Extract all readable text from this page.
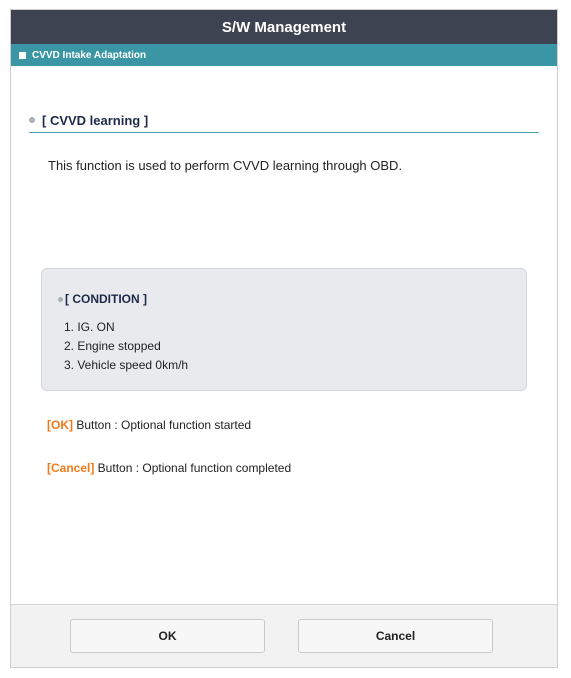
S/W Management
CVVD Intake Adaptation
[ CVVD learning ]
This function is used to perform CVVD learning through OBD.
[ CONDITION ]
1. IG. ON
2. Engine stopped
3. Vehicle speed 0km/h
[OK] Button : Optional function started
[Cancel] Button : Optional function completed
OK	Cancel
